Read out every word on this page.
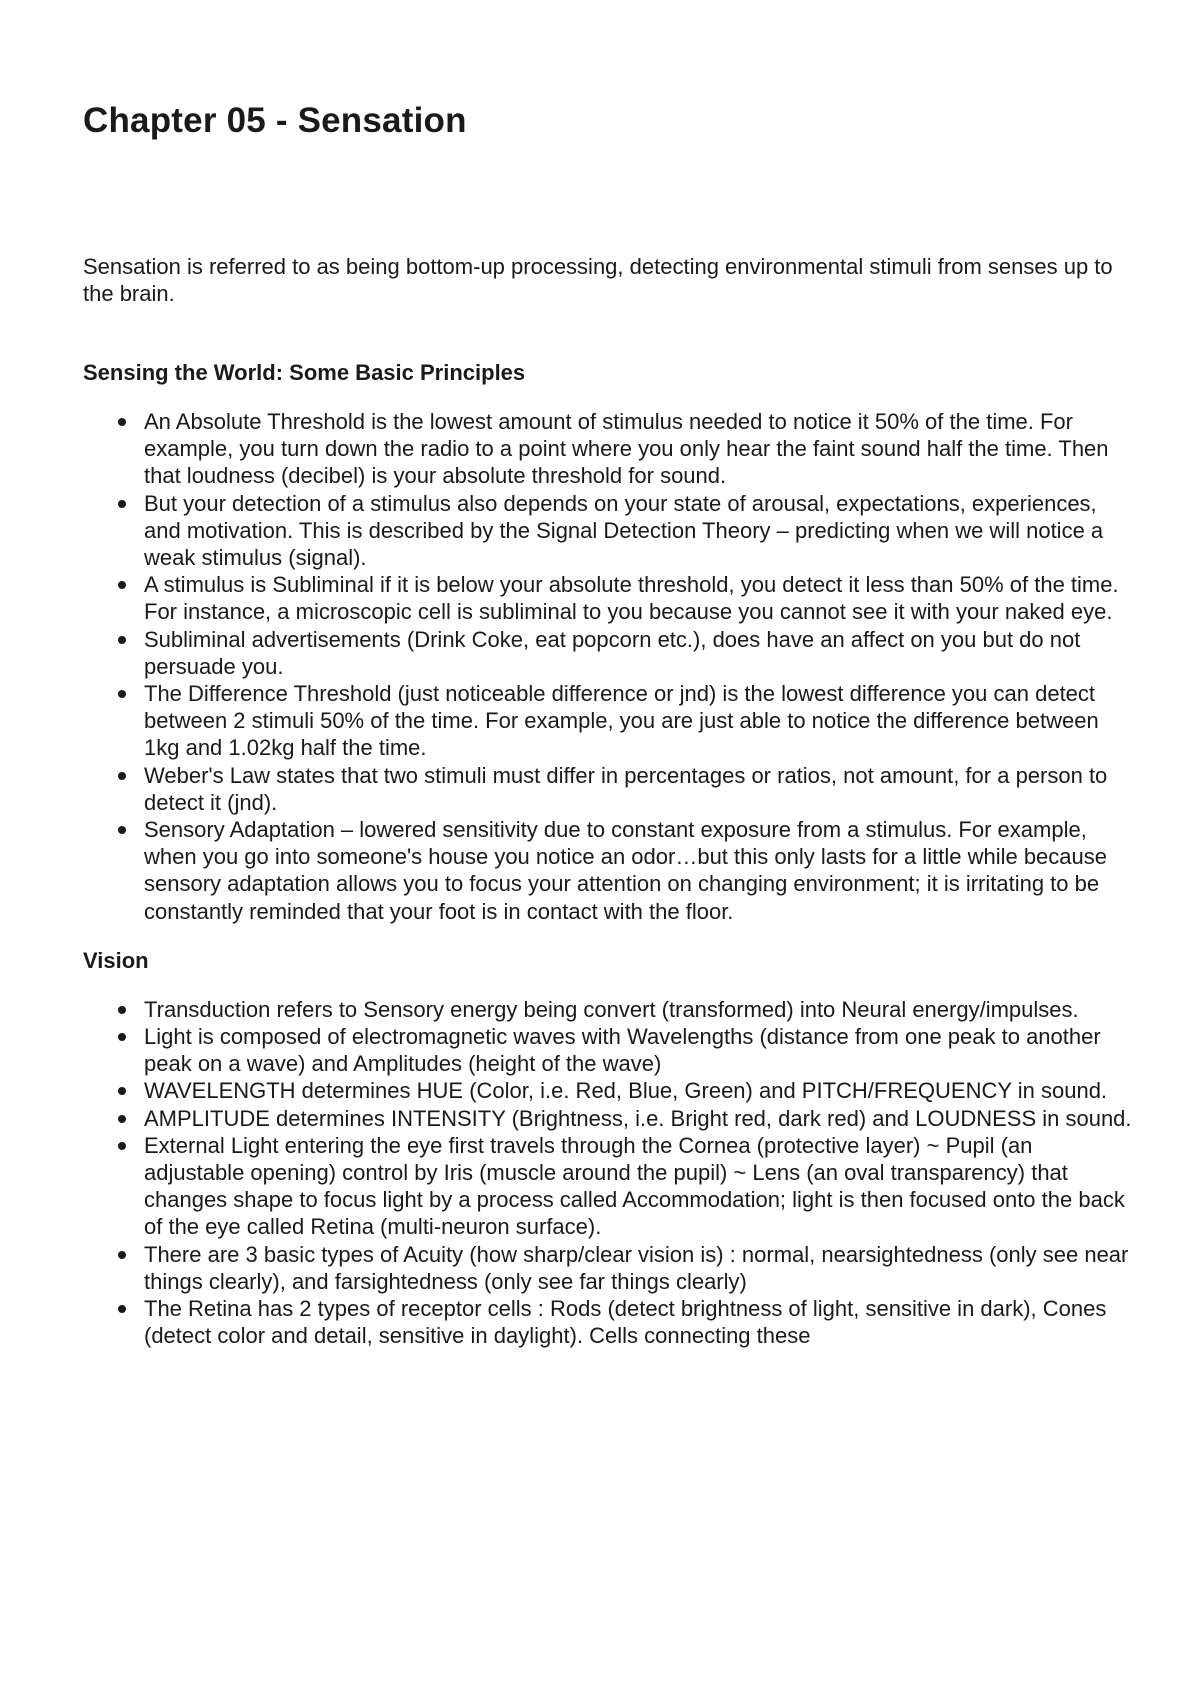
Chapter 05 - Sensation

Sensation is referred to as being bottom-up processing, detecting environmental stimuli from senses up to the brain.

Sensing the World: Some Basic Principles
An Absolute Threshold is the lowest amount of stimulus needed to notice it 50% of the time. For example, you turn down the radio to a point where you only hear the faint sound half the time. Then that loudness (decibel) is your absolute threshold for sound.
But your detection of a stimulus also depends on your state of arousal, expectations, experiences, and motivation. This is described by the Signal Detection Theory – predicting when we will notice a weak stimulus (signal).
A stimulus is Subliminal if it is below your absolute threshold, you detect it less than 50% of the time. For instance, a microscopic cell is subliminal to you because you cannot see it with your naked eye.
Subliminal advertisements (Drink Coke, eat popcorn etc.), does have an affect on you but do not persuade you.
The Difference Threshold (just noticeable difference or jnd) is the lowest difference you can detect between 2 stimuli 50% of the time. For example, you are just able to notice the difference between 1kg and 1.02kg half the time.
Weber's Law states that two stimuli must differ in percentages or ratios, not amount, for a person to detect it (jnd).
Sensory Adaptation – lowered sensitivity due to constant exposure from a stimulus. For example, when you go into someone's house you notice an odor…but this only lasts for a little while because sensory adaptation allows you to focus your attention on changing environment; it is irritating to be constantly reminded that your foot is in contact with the floor.
Vision
Transduction refers to Sensory energy being convert (transformed) into Neural energy/impulses.
Light is composed of electromagnetic waves with Wavelengths (distance from one peak to another peak on a wave) and Amplitudes (height of the wave)
WAVELENGTH determines HUE (Color, i.e. Red, Blue, Green) and PITCH/FREQUENCY in sound.
AMPLITUDE determines INTENSITY (Brightness, i.e. Bright red, dark red) and LOUDNESS in sound.
External Light entering the eye first travels through the Cornea (protective layer) ~ Pupil (an adjustable opening) control by Iris (muscle around the pupil) ~ Lens (an oval transparency) that changes shape to focus light by a process called Accommodation; light is then focused onto the back of the eye called Retina (multi-neuron surface).
There are 3 basic types of Acuity (how sharp/clear vision is) : normal, nearsightedness (only see near things clearly), and farsightedness (only see far things clearly)
The Retina has 2 types of receptor cells : Rods (detect brightness of light, sensitive in dark), Cones (detect color and detail, sensitive in daylight). Cells connecting these
